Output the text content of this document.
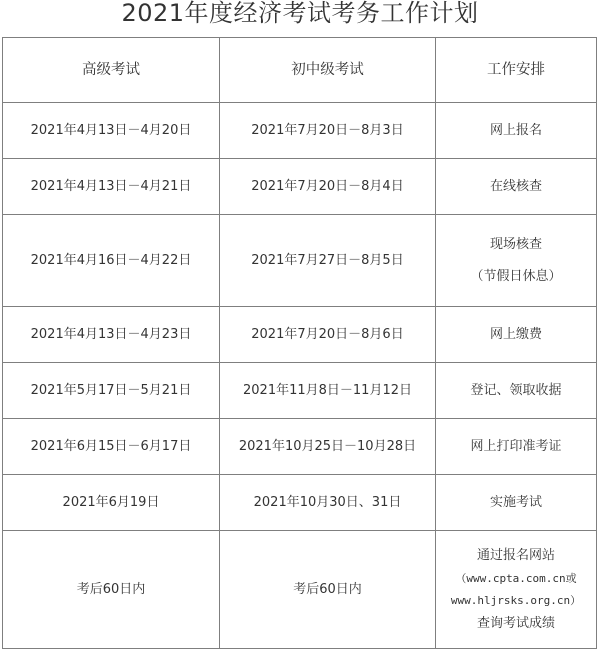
2021年度经济考试考务工作计划
高级考试	初中级考试	工作安排
2021年4月13日－4月20日	2021年7月20日－8月3日	网上报名
2021年4月13日－4月21日	2021年7月20日－8月4日	在线核查
2021年4月16日－4月22日	2021年7月27日－8月5日	现场核查
（节假日休息）

2021年4月13日－4月23日	2021年7月20日－8月6日	网上缴费
2021年5月17日－5月21日	2021年11月8日－11月12日	登记、领取收据
2021年6月15日－6月17日	2021年10月25日－10月28日	网上打印准考证
2021年6月19日	2021年10月30日、31日	实施考试
考后60日内	考后60日内	通过报名网站
（www.cpta.com.cn或
www.hljrsks.org.cn）
查询考试成绩
